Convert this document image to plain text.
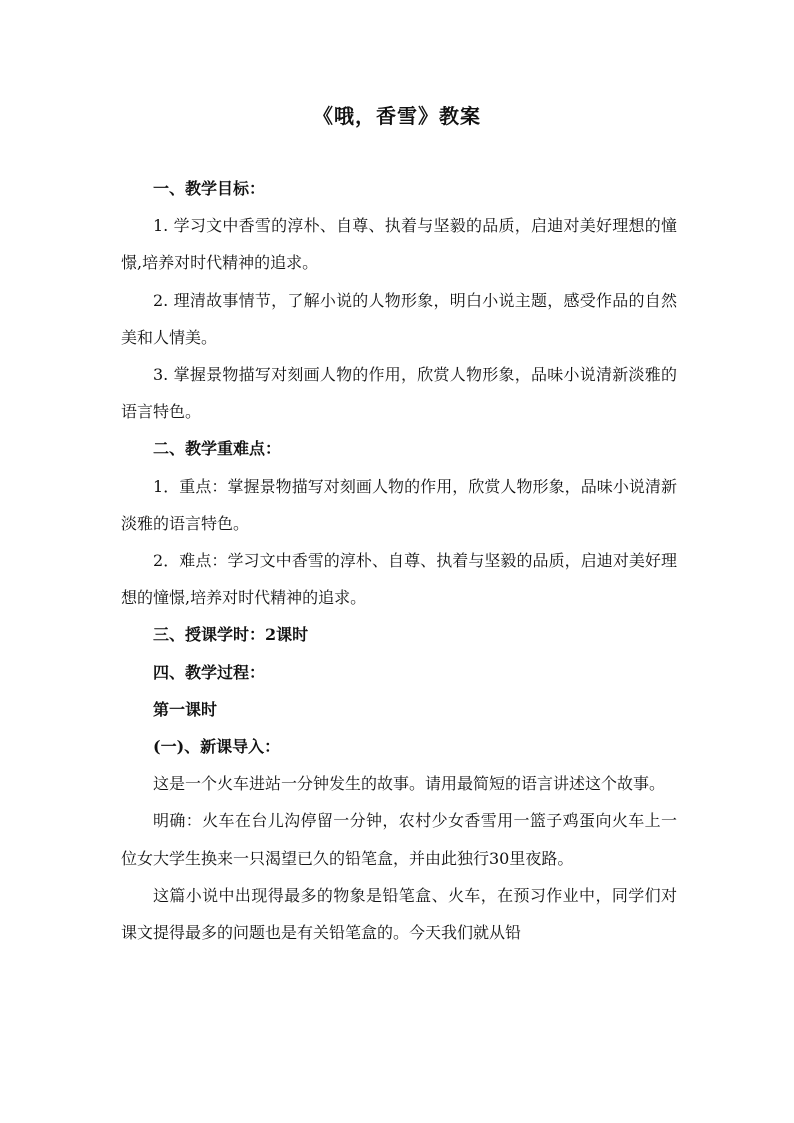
《哦，香雪》教案

一、教学目标：

1. 学习文中香雪的淳朴、自尊、执着与坚毅的品质，启迪对美好理想的憧憬,培养对时代精神的追求。

2. 理清故事情节，了解小说的人物形象，明白小说主题，感受作品的自然美和人情美。

3. 掌握景物描写对刻画人物的作用，欣赏人物形象，品味小说清新淡雅的语言特色。

二、教学重难点：

1．重点：掌握景物描写对刻画人物的作用，欣赏人物形象，品味小说清新淡雅的语言特色。

2．难点：学习文中香雪的淳朴、自尊、执着与坚毅的品质，启迪对美好理想的憧憬,培养对时代精神的追求。

三、授课学时：2课时

四、教学过程：

第一课时

(一)、新课导入：

这是一个火车进站一分钟发生的故事。请用最简短的语言讲述这个故事。

明确：火车在台儿沟停留一分钟，农村少女香雪用一篮子鸡蛋向火车上一位女大学生换来一只渴望已久的铅笔盒，并由此独行30里夜路。

这篇小说中出现得最多的物象是铅笔盒、火车，在预习作业中，同学们对课文提得最多的问题也是有关铅笔盒的。今天我们就从铅
